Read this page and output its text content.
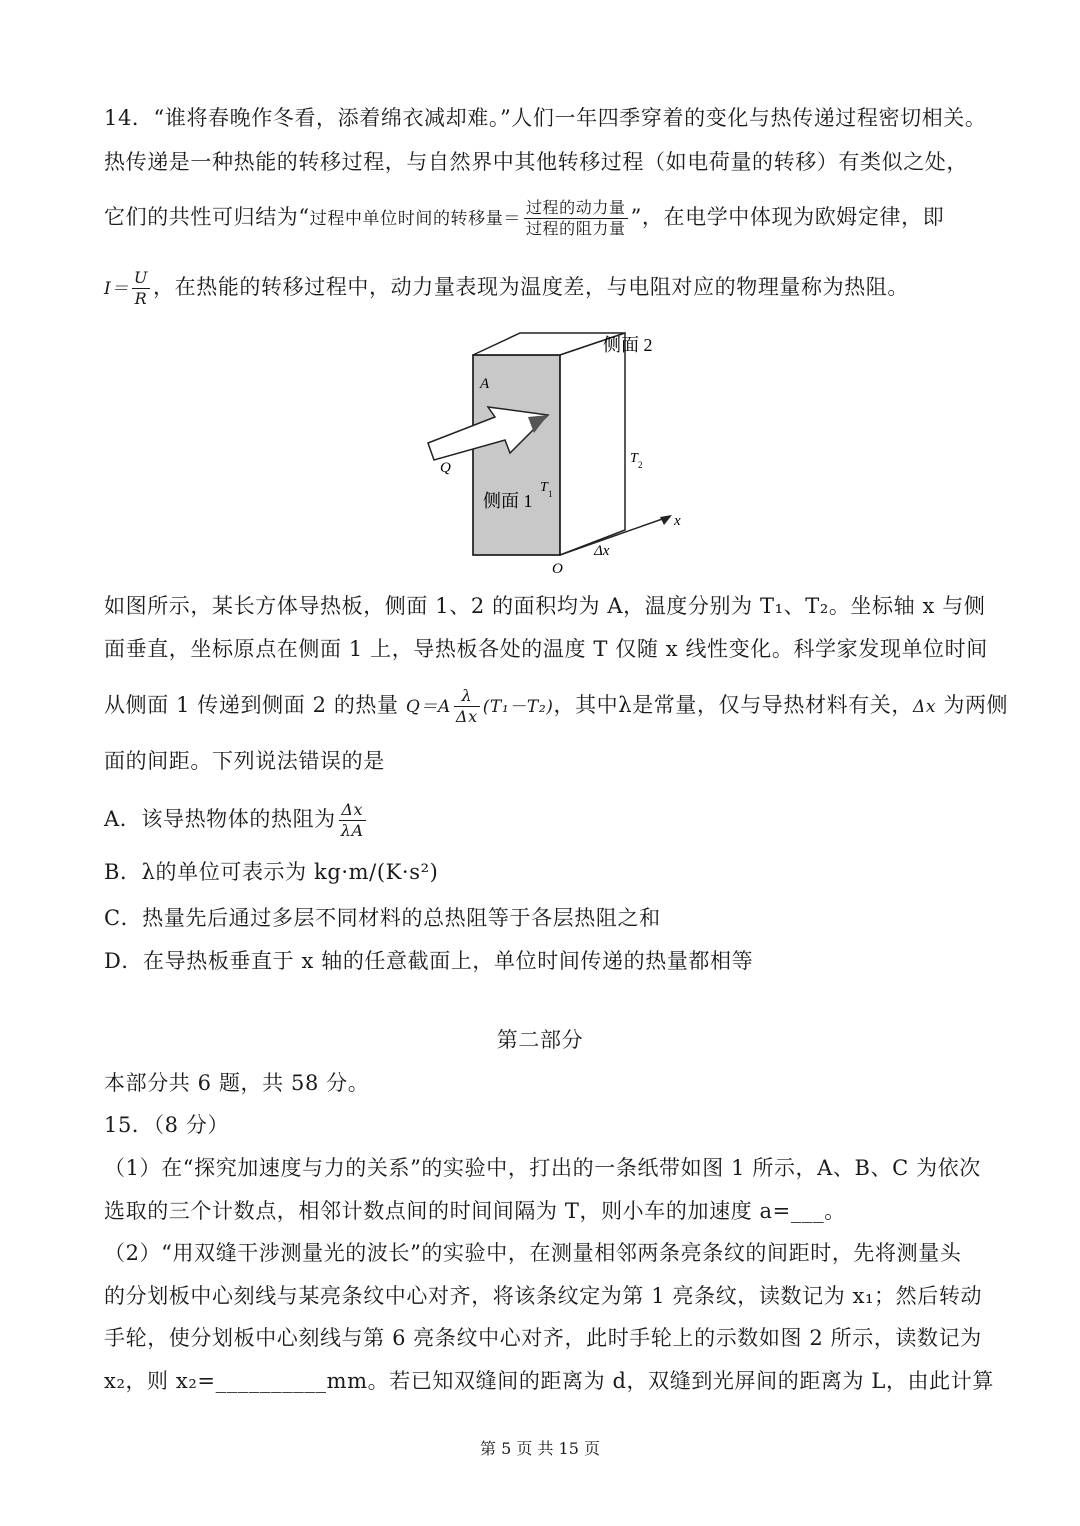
14．“谁将春晚作冬看，添着绵衣减却难。”人们一年四季穿着的变化与热传递过程密切相关。
热传递是一种热能的转移过程，与自然界中其他转移过程（如电荷量的转移）有类似之处，
它们的共性可归结为“过程中单位时间的转移量＝ $\frac{\text{过程的动力量}}{\text{过程的阻力量}}$ ”，在电学中体现为欧姆定律，即
$I= \frac{U}{R}$ ，在热能的转移过程中，动力量表现为温度差，与电阻对应的物理量称为热阻。
侧面 2
侧面 1
A
Q
T 1
T 2
x
Δx
O
如图所示，某长方体导热板，侧面 1、2 的面积均为 A，温度分别为 T₁、T₂。坐标轴 x 与侧
面垂直，坐标原点在侧面 1 上，导热板各处的温度 T 仅随 x 线性变化。科学家发现单位时间
从侧面 1 传递到侧面 2 的热量 $Q=A \frac{\lambda}{\Delta x} (T_1-T_2)$，其中λ是常量，仅与导热材料有关，Δx 为两侧
面的间距。下列说法错误的是
A．该导热物体的热阻为 $\frac{\Delta x}{\lambda A}$
B．λ的单位可表示为 kg·m/(K·s²)
C．热量先后通过多层不同材料的总热阻等于各层热阻之和
D．在导热板垂直于 x 轴的任意截面上，单位时间传递的热量都相等
第二部分
本部分共 6 题，共 58 分。
15．（8 分）
（1）在“探究加速度与力的关系”的实验中，打出的一条纸带如图 1 所示，A、B、C 为依次
选取的三个计数点，相邻计数点间的时间间隔为 T，则小车的加速度 a=___。
（2）“用双缝干涉测量光的波长”的实验中，在测量相邻两条亮条纹的间距时，先将测量头
的分划板中心刻线与某亮条纹中心对齐，将该条纹定为第 1 亮条纹，读数记为 x₁；然后转动
手轮，使分划板中心刻线与第 6 亮条纹中心对齐，此时手轮上的示数如图 2 所示，读数记为
x₂，则 x₂=__________mm。若已知双缝间的距离为 d，双缝到光屏间的距离为 L，由此计算
第 5 页 共 15 页
